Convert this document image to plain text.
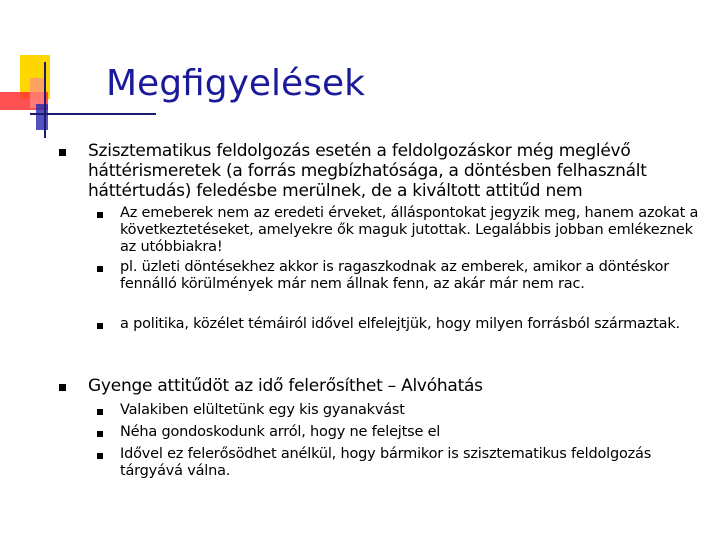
Megfigyelések
Szisztematikus feldolgozás esetén a feldolgozáskor még meglévő háttérismeretek (a forrás megbízhatósága, a döntésben felhasznált háttértudás) feledésbe merülnek, de a kiváltott attitűd nem
Az emeberek nem az eredeti érveket, álláspontokat jegyzik meg, hanem azokat a következtetéseket, amelyekre ők maguk jutottak. Legalábbis jobban emlékeznek az utóbbiakra!
pl. üzleti döntésekhez akkor is ragaszkodnak az emberek, amikor a döntéskor fennálló körülmények már nem állnak fenn, az akár már nem rac.
a politika, közélet témáiról idővel elfelejtjük, hogy milyen forrásból származtak.
Gyenge attitűdöt az idő felerősíthet – Alvóhatás
Valakiben elültetünk egy kis gyanakvást
Néha gondoskodunk arról, hogy ne felejtse el
Idővel ez felerősödhet anélkül, hogy bármikor is szisztematikus feldolgozás tárgyává válna.
